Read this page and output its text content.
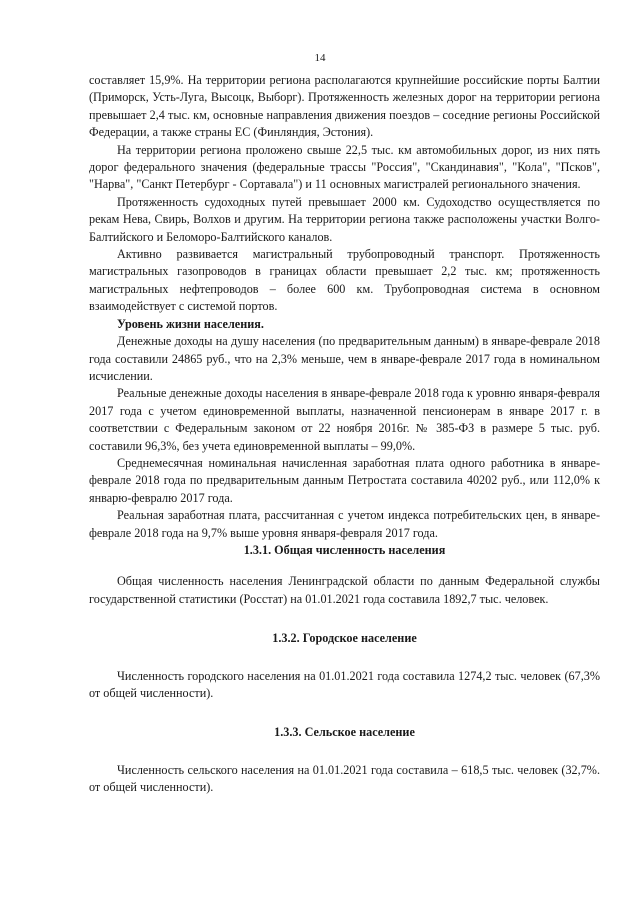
14

составляет 15,9%. На территории региона располагаются крупнейшие российские порты Балтии (Приморск, Усть-Луга, Высоцк, Выборг). Протяженность железных дорог на территории региона превышает 2,4 тыс. км, основные направления движения поездов – соседние регионы Российской Федерации, а также страны ЕС (Финляндия, Эстония).

На территории региона проложено свыше 22,5 тыс. км автомобильных дорог, из них пять дорог федерального значения (федеральные трассы "Россия", "Скандинавия", "Кола", "Псков", "Нарва", "Санкт Петербург - Сортавала") и 11 основных магистралей регионального значения.

Протяженность судоходных путей превышает 2000 км. Судоходство осуществляется по рекам Нева, Свирь, Волхов и другим. На территории региона также расположены участки Волго-Балтийского и Беломоро-Балтийского каналов.

Активно развивается магистральный трубопроводный транспорт. Протяженность магистральных газопроводов в границах области превышает 2,2 тыс. км; протяженность магистральных нефтепроводов – более 600 км. Трубопроводная система в основном взаимодействует с системой портов.

Уровень жизни населения.

Денежные доходы на душу населения (по предварительным данным) в январе-феврале 2018 года составили 24865 руб., что на 2,3% меньше, чем в январе-феврале 2017 года в номинальном исчислении.

Реальные денежные доходы населения в январе-феврале 2018 года к уровню января-февраля 2017 года с учетом единовременной выплаты, назначенной пенсионерам в январе 2017 г. в соответствии с Федеральным законом от 22 ноября 2016г. № 385-ФЗ в размере 5 тыс. руб. составили 96,3%, без учета единовременной выплаты – 99,0%.

Среднемесячная номинальная начисленная заработная плата одного работника в январе-феврале 2018 года по предварительным данным Петростата составила 40202 руб., или 112,0% к январю-февралю 2017 года.

Реальная заработная плата, рассчитанная с учетом индекса потребительских цен, в январе-феврале 2018 года на 9,7% выше уровня января-февраля 2017 года.

1.3.1. Общая численность населения

Общая численность населения Ленинградской области по данным Федеральной службы государственной статистики (Росстат) на 01.01.2021 года составила 1892,7 тыс. человек.

1.3.2. Городское население

Численность городского населения на 01.01.2021 года составила 1274,2 тыс. человек (67,3% от общей численности).

1.3.3. Сельское население

Численность сельского населения на 01.01.2021 года составила – 618,5 тыс. человек (32,7%. от общей численности).
